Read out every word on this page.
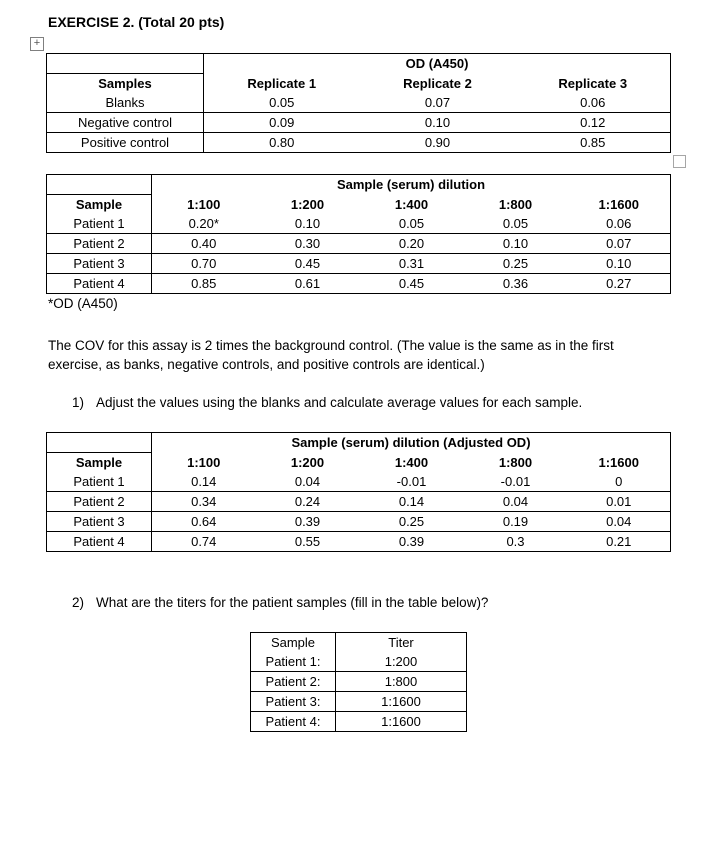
EXERCISE 2. (Total 20 pts)
+
	OD (A450)		
Samples	Replicate 1	Replicate 2	Replicate 3
Blanks	0.05	0.07	0.06
Negative control	0.09	0.10	0.12
Positive control	0.80	0.90	0.85
	Sample (serum) dilution				
Sample	1:100	1:200	1:400	1:800	1:1600
Patient 1	0.20*	0.10	0.05	0.05	0.06
Patient 2	0.40	0.30	0.20	0.10	0.07
Patient 3	0.70	0.45	0.31	0.25	0.10
Patient 4	0.85	0.61	0.45	0.36	0.27
*OD (A450)
The COV for this assay is 2 times the background control. (The value is the same as in the first exercise, as banks, negative controls, and positive controls are identical.)
1) Adjust the values using the blanks and calculate average values for each sample.
	Sample (serum) dilution (Adjusted OD)				
Sample	1:100	1:200	1:400	1:800	1:1600
Patient 1	0.14	0.04	-0.01	-0.01	0
Patient 2	0.34	0.24	0.14	0.04	0.01
Patient 3	0.64	0.39	0.25	0.19	0.04
Patient 4	0.74	0.55	0.39	0.3	0.21
2) What are the titers for the patient samples (fill in the table below)?
Sample	Titer
Patient 1:	1:200
Patient 2:	1:800
Patient 3:	1:1600
Patient 4:	1:1600
